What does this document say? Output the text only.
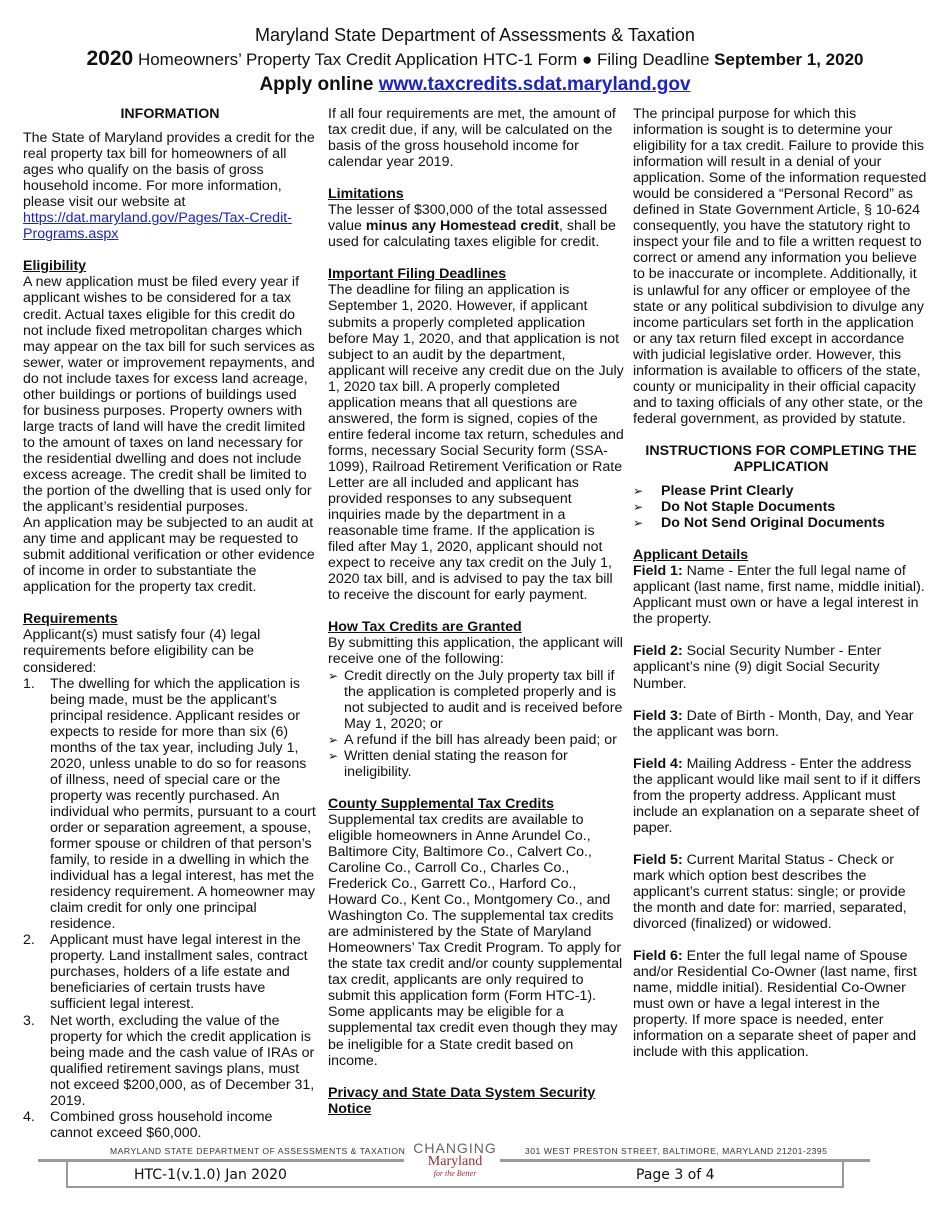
Maryland State Department of Assessments & Taxation
2020 Homeowners’ Property Tax Credit Application HTC-1 Form ● Filing Deadline September 1, 2020
Apply online www.taxcredits.sdat.maryland.gov
INFORMATION

The State of Maryland provides a credit for the real property tax bill for homeowners of all ages who qualify on the basis of gross household income. For more information, please visit our website at https://dat.maryland.gov/Pages/Tax-Credit-Programs.aspx

Eligibility

A new application must be filed every year if applicant wishes to be considered for a tax credit. Actual taxes eligible for this credit do not include fixed metropolitan charges which may appear on the tax bill for such services as sewer, water or improvement repayments, and do not include taxes for excess land acreage, other buildings or portions of buildings used for business purposes. Property owners with large tracts of land will have the credit limited to the amount of taxes on land necessary for the residential dwelling and does not include excess acreage. The credit shall be limited to the portion of the dwelling that is used only for the applicant’s residential purposes.

An application may be subjected to an audit at any time and applicant may be requested to submit additional verification or other evidence of income in order to substantiate the application for the property tax credit.

Requirements

Applicant(s) must satisfy four (4) legal requirements before eligibility can be considered:

1. The dwelling for which the application is being made, must be the applicant’s principal residence. Applicant resides or expects to reside for more than six (6) months of the tax year, including July 1, 2020, unless unable to do so for reasons of illness, need of special care or the property was recently purchased. An individual who permits, pursuant to a court order or separation agreement, a spouse, former spouse or children of that person’s family, to reside in a dwelling in which the individual has a legal interest, has met the residency requirement. A homeowner may claim credit for only one principal residence.
2. Applicant must have legal interest in the property. Land installment sales, contract purchases, holders of a life estate and beneficiaries of certain trusts have sufficient legal interest.
3. Net worth, excluding the value of the property for which the credit application is being made and the cash value of IRAs or qualified retirement savings plans, must not exceed $200,000, as of December 31, 2019.
4. Combined gross household income cannot exceed $60,000.

If all four requirements are met, the amount of tax credit due, if any, will be calculated on the basis of the gross household income for calendar year 2019.

Limitations

The lesser of $300,000 of the total assessed value minus any Homestead credit, shall be used for calculating taxes eligible for credit.

Important Filing Deadlines

The deadline for filing an application is September 1, 2020. However, if applicant submits a properly completed application before May 1, 2020, and that application is not subject to an audit by the department, applicant will receive any credit due on the July 1, 2020 tax bill. A properly completed application means that all questions are answered, the form is signed, copies of the entire federal income tax return, schedules and forms, necessary Social Security form (SSA-1099), Railroad Retirement Verification or Rate Letter are all included and applicant has provided responses to any subsequent inquiries made by the department in a reasonable time frame. If the application is filed after May 1, 2020, applicant should not expect to receive any tax credit on the July 1, 2020 tax bill, and is advised to pay the tax bill to receive the discount for early payment.

How Tax Credits are Granted

By submitting this application, the applicant will receive one of the following:

➢ Credit directly on the July property tax bill if the application is completed properly and is not subjected to audit and is received before May 1, 2020; or
➢ A refund if the bill has already been paid; or
➢ Written denial stating the reason for ineligibility.

County Supplemental Tax Credits

Supplemental tax credits are available to eligible homeowners in Anne Arundel Co., Baltimore City, Baltimore Co., Calvert Co., Caroline Co., Carroll Co., Charles Co., Frederick Co., Garrett Co., Harford Co., Howard Co., Kent Co., Montgomery Co., and Washington Co. The supplemental tax credits are administered by the State of Maryland Homeowners’ Tax Credit Program. To apply for the state tax credit and/or county supplemental tax credit, applicants are only required to submit this application form (Form HTC-1). Some applicants may be eligible for a supplemental tax credit even though they may be ineligible for a State credit based on income.

Privacy and State Data System Security Notice

The principal purpose for which this information is sought is to determine your eligibility for a tax credit. Failure to provide this information will result in a denial of your application. Some of the information requested would be considered a “Personal Record” as defined in State Government Article, § 10-624 consequently, you have the statutory right to inspect your file and to file a written request to correct or amend any information you believe to be inaccurate or incomplete. Additionally, it is unlawful for any officer or employee of the state or any political subdivision to divulge any income particulars set forth in the application or any tax return filed except in accordance with judicial legislative order. However, this information is available to officers of the state, county or municipality in their official capacity and to taxing officials of any other state, or the federal government, as provided by statute.

INSTRUCTIONS FOR COMPLETING THE APPLICATION
➢ Please Print Clearly
➢ Do Not Staple Documents
➢ Do Not Send Original Documents

Applicant Details

Field 1: Name - Enter the full legal name of applicant (last name, first name, middle initial). Applicant must own or have a legal interest in the property.

Field 2: Social Security Number - Enter applicant’s nine (9) digit Social Security Number.

Field 3: Date of Birth - Month, Day, and Year the applicant was born.

Field 4: Mailing Address - Enter the address the applicant would like mail sent to if it differs from the property address. Applicant must include an explanation on a separate sheet of paper.

Field 5: Current Marital Status - Check or mark which option best describes the applicant’s current status: single; or provide the month and date for: married, separated, divorced (finalized) or widowed.

Field 6: Enter the full legal name of Spouse and/or Residential Co-Owner (last name, first name, middle initial). Residential Co-Owner must own or have a legal interest in the property. If more space is needed, enter information on a separate sheet of paper and include with this application.

MARYLAND STATE DEPARTMENT OF ASSESSMENTS & TAXATION CHANGING
Maryland
for the Better
301 WEST PRESTON STREET, BALTIMORE, MARYLAND 21201-2395
HTC-1(v.1.0) Jan 2020	Page 3 of 4
